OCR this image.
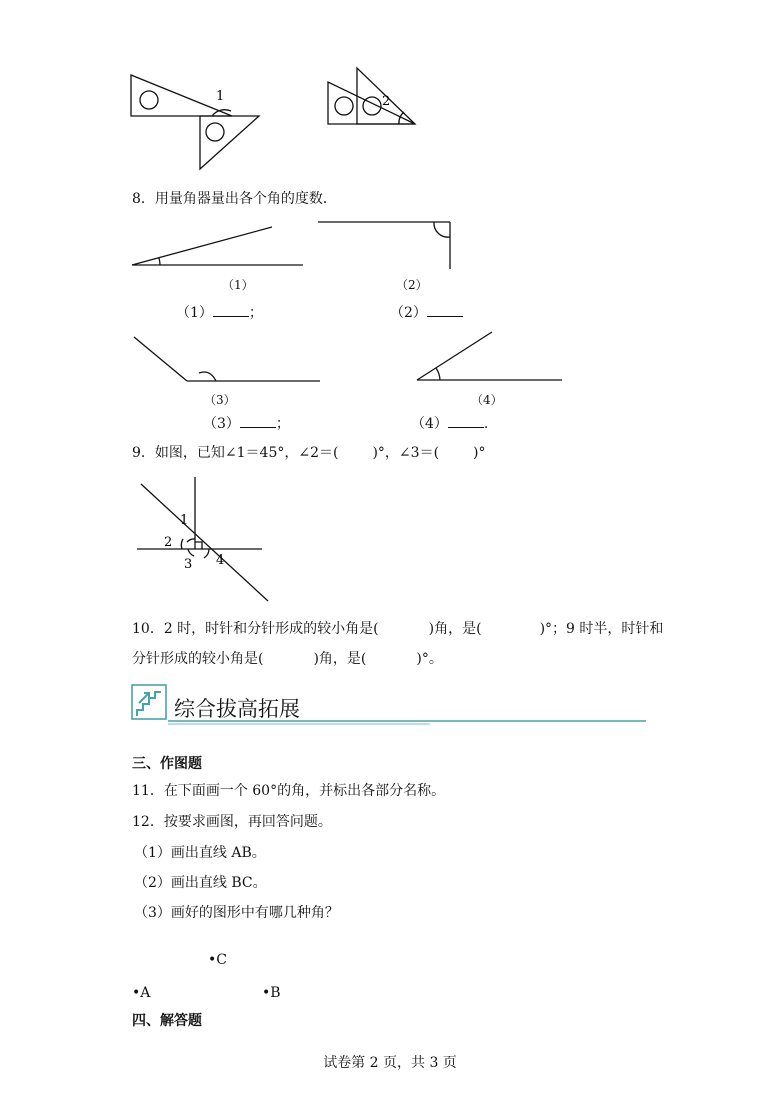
1	2
8．用量角器量出各个角的度数．
（1）	（2）
（1）	；	（2）
（3）	（4）
（3）	；	（4）	.
9．如图，已知∠1＝45°，∠2＝( )°，∠3＝( )°
1
2
3 4
10．2 时，时针和分针形成的较小角是(	)角，是(	)°；9 时半，时针和
分针形成的较小角是(	)角，是(	)°。
综合拔高拓展
三、作图题
11．在下面画一个 60°的角，并标出各部分名称。
12．按要求画图，再回答问题。
（1）画出直线 AB。
（2）画出直线 BC。
（3）画好的图形中有哪几种角？
•C
•A	•B
四、解答题
试卷第 2 页，共 3 页
